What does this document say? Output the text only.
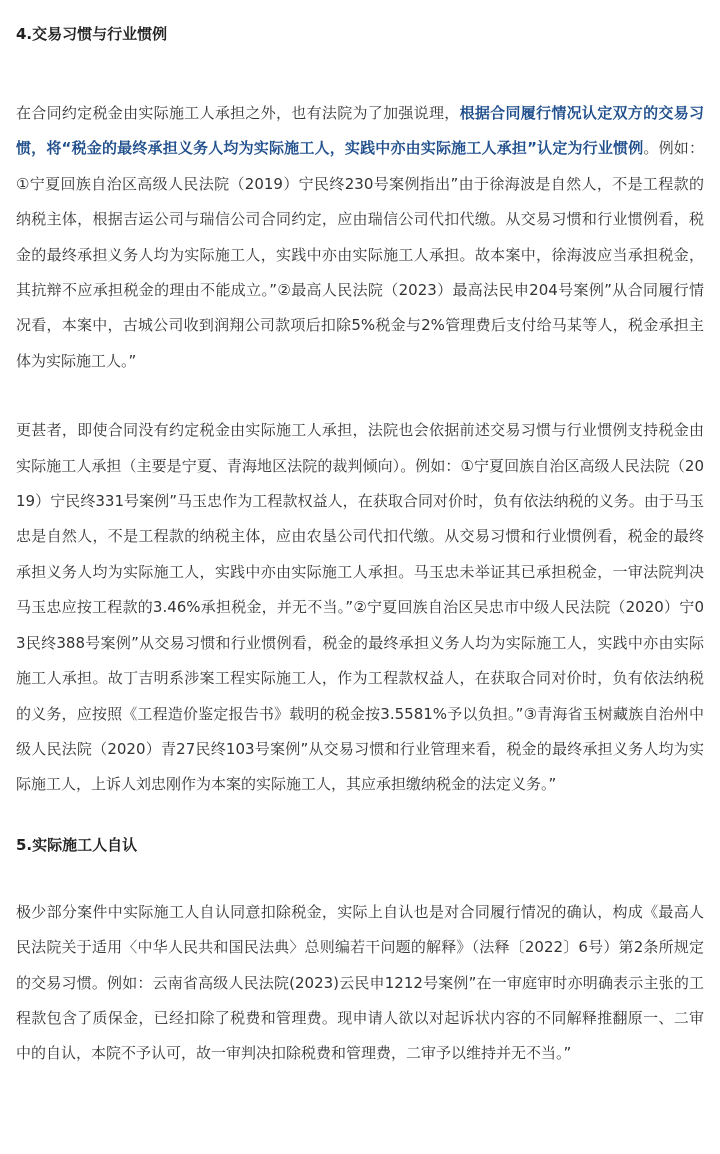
4.交易习惯与行业惯例

在合同约定税金由实际施工人承担之外，也有法院为了加强说理，根据合同履行情况认定双方的交易习惯，将“税金的最终承担义务人均为实际施工人，实践中亦由实际施工人承担”认定为行业惯例。例如：①宁夏回族自治区高级人民法院（2019）宁民终230号案例指出”由于徐海波是自然人，不是工程款的纳税主体，根据吉运公司与瑞信公司合同约定，应由瑞信公司代扣代缴。从交易习惯和行业惯例看，税金的最终承担义务人均为实际施工人，实践中亦由实际施工人承担。故本案中，徐海波应当承担税金，其抗辩不应承担税金的理由不能成立。”②最高人民法院（2023）最高法民申204号案例”从合同履行情况看，本案中，古城公司收到润翔公司款项后扣除5%税金与2%管理费后支付给马某等人，税金承担主体为实际施工人。”

更甚者，即使合同没有约定税金由实际施工人承担，法院也会依据前述交易习惯与行业惯例支持税金由实际施工人承担（主要是宁夏、青海地区法院的裁判倾向）。例如：①宁夏回族自治区高级人民法院（2019）宁民终331号案例”马玉忠作为工程款权益人，在获取合同对价时，负有依法纳税的义务。由于马玉忠是自然人，不是工程款的纳税主体，应由农垦公司代扣代缴。从交易习惯和行业惯例看，税金的最终承担义务人均为实际施工人，实践中亦由实际施工人承担。马玉忠未举证其已承担税金，一审法院判决马玉忠应按工程款的3.46%承担税金，并无不当。”②宁夏回族自治区吴忠市中级人民法院（2020）宁03民终388号案例”从交易习惯和行业惯例看，税金的最终承担义务人均为实际施工人，实践中亦由实际施工人承担。故丁吉明系涉案工程实际施工人，作为工程款权益人，在获取合同对价时，负有依法纳税的义务，应按照《工程造价鉴定报告书》载明的税金按3.5581%予以负担。”③青海省玉树藏族自治州中级人民法院（2020）青27民终103号案例”从交易习惯和行业管理来看，税金的最终承担义务人均为实际施工人，上诉人刘忠刚作为本案的实际施工人，其应承担缴纳税金的法定义务。”

5.实际施工人自认

极少部分案件中实际施工人自认同意扣除税金，实际上自认也是对合同履行情况的确认，构成《最高人民法院关于适用〈中华人民共和国民法典〉总则编若干问题的解释》（法释〔2022〕6号）第2条所规定的交易习惯。例如：云南省高级人民法院(2023)云民申1212号案例”在一审庭审时亦明确表示主张的工程款包含了质保金，已经扣除了税费和管理费。现申请人欲以对起诉状内容的不同解释推翻原一、二审中的自认，本院不予认可，故一审判决扣除税费和管理费，二审予以维持并无不当。”
